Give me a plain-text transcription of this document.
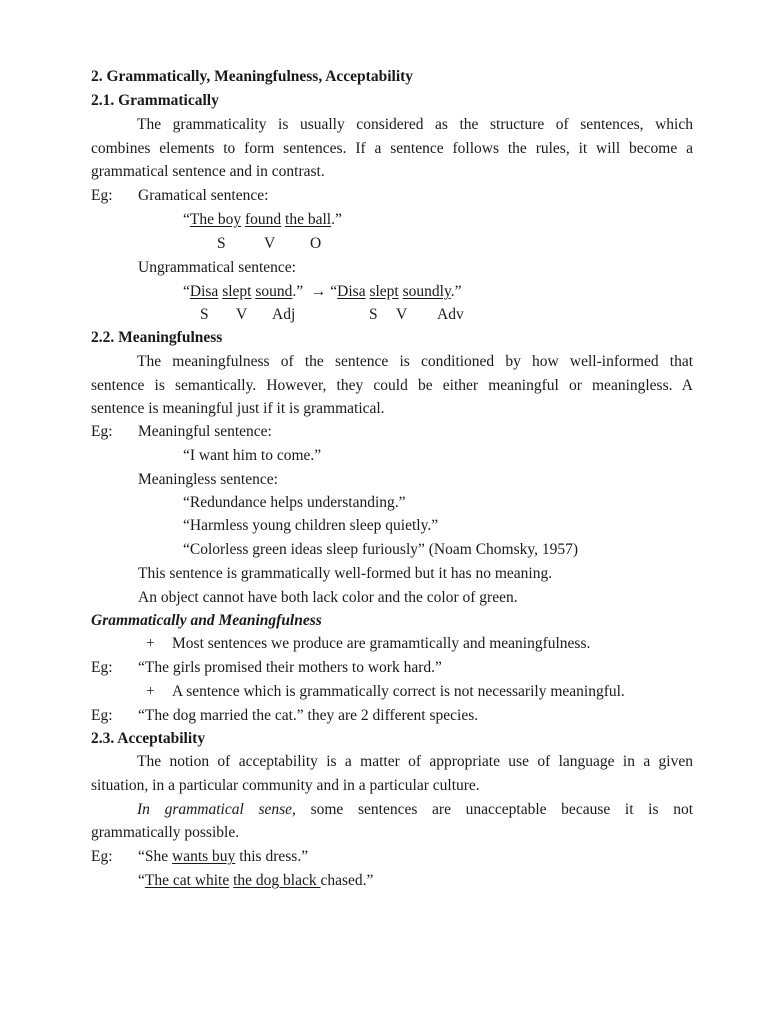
2. Grammatically, Meaningfulness, Acceptability
2.1. Grammatically
The grammaticality is usually considered as the structure of sentences, which
combines elements to form sentences. If a sentence follows the rules, it will become a
grammatical sentence and in contrast.
Eg: Gramatical sentence:
“The boy found the ball.”
S V O
Ungrammatical sentence:
“Disa slept sound.” → “Disa slept soundly.”
S V Adj	S V Adv
2.2. Meaningfulness
The meaningfulness of the sentence is conditioned by how well-informed that
sentence is semantically. However, they could be either meaningful or meaningless. A
sentence is meaningful just if it is grammatical.
Eg: Meaningful sentence:
“I want him to come.”
Meaningless sentence:
“Redundance helps understanding.”
“Harmless young children sleep quietly.”
“Colorless green ideas sleep furiously” (Noam Chomsky, 1957)
This sentence is grammatically well-formed but it has no meaning.
An object cannot have both lack color and the color of green.
Grammatically and Meaningfulness
+ Most sentences we produce are gramamtically and meaningfulness.
Eg: “The girls promised their mothers to work hard.”
+ A sentence which is grammatically correct is not necessarily meaningful.
Eg: “The dog married the cat.” they are 2 different species.
2.3. Acceptability
The notion of acceptability is a matter of appropriate use of language in a given
situation, in a particular community and in a particular culture.
In grammatical sense, some sentences are unacceptable because it is not
grammatically possible.
Eg: “She wants buy this dress.”
“The cat white the dog black chased.”
